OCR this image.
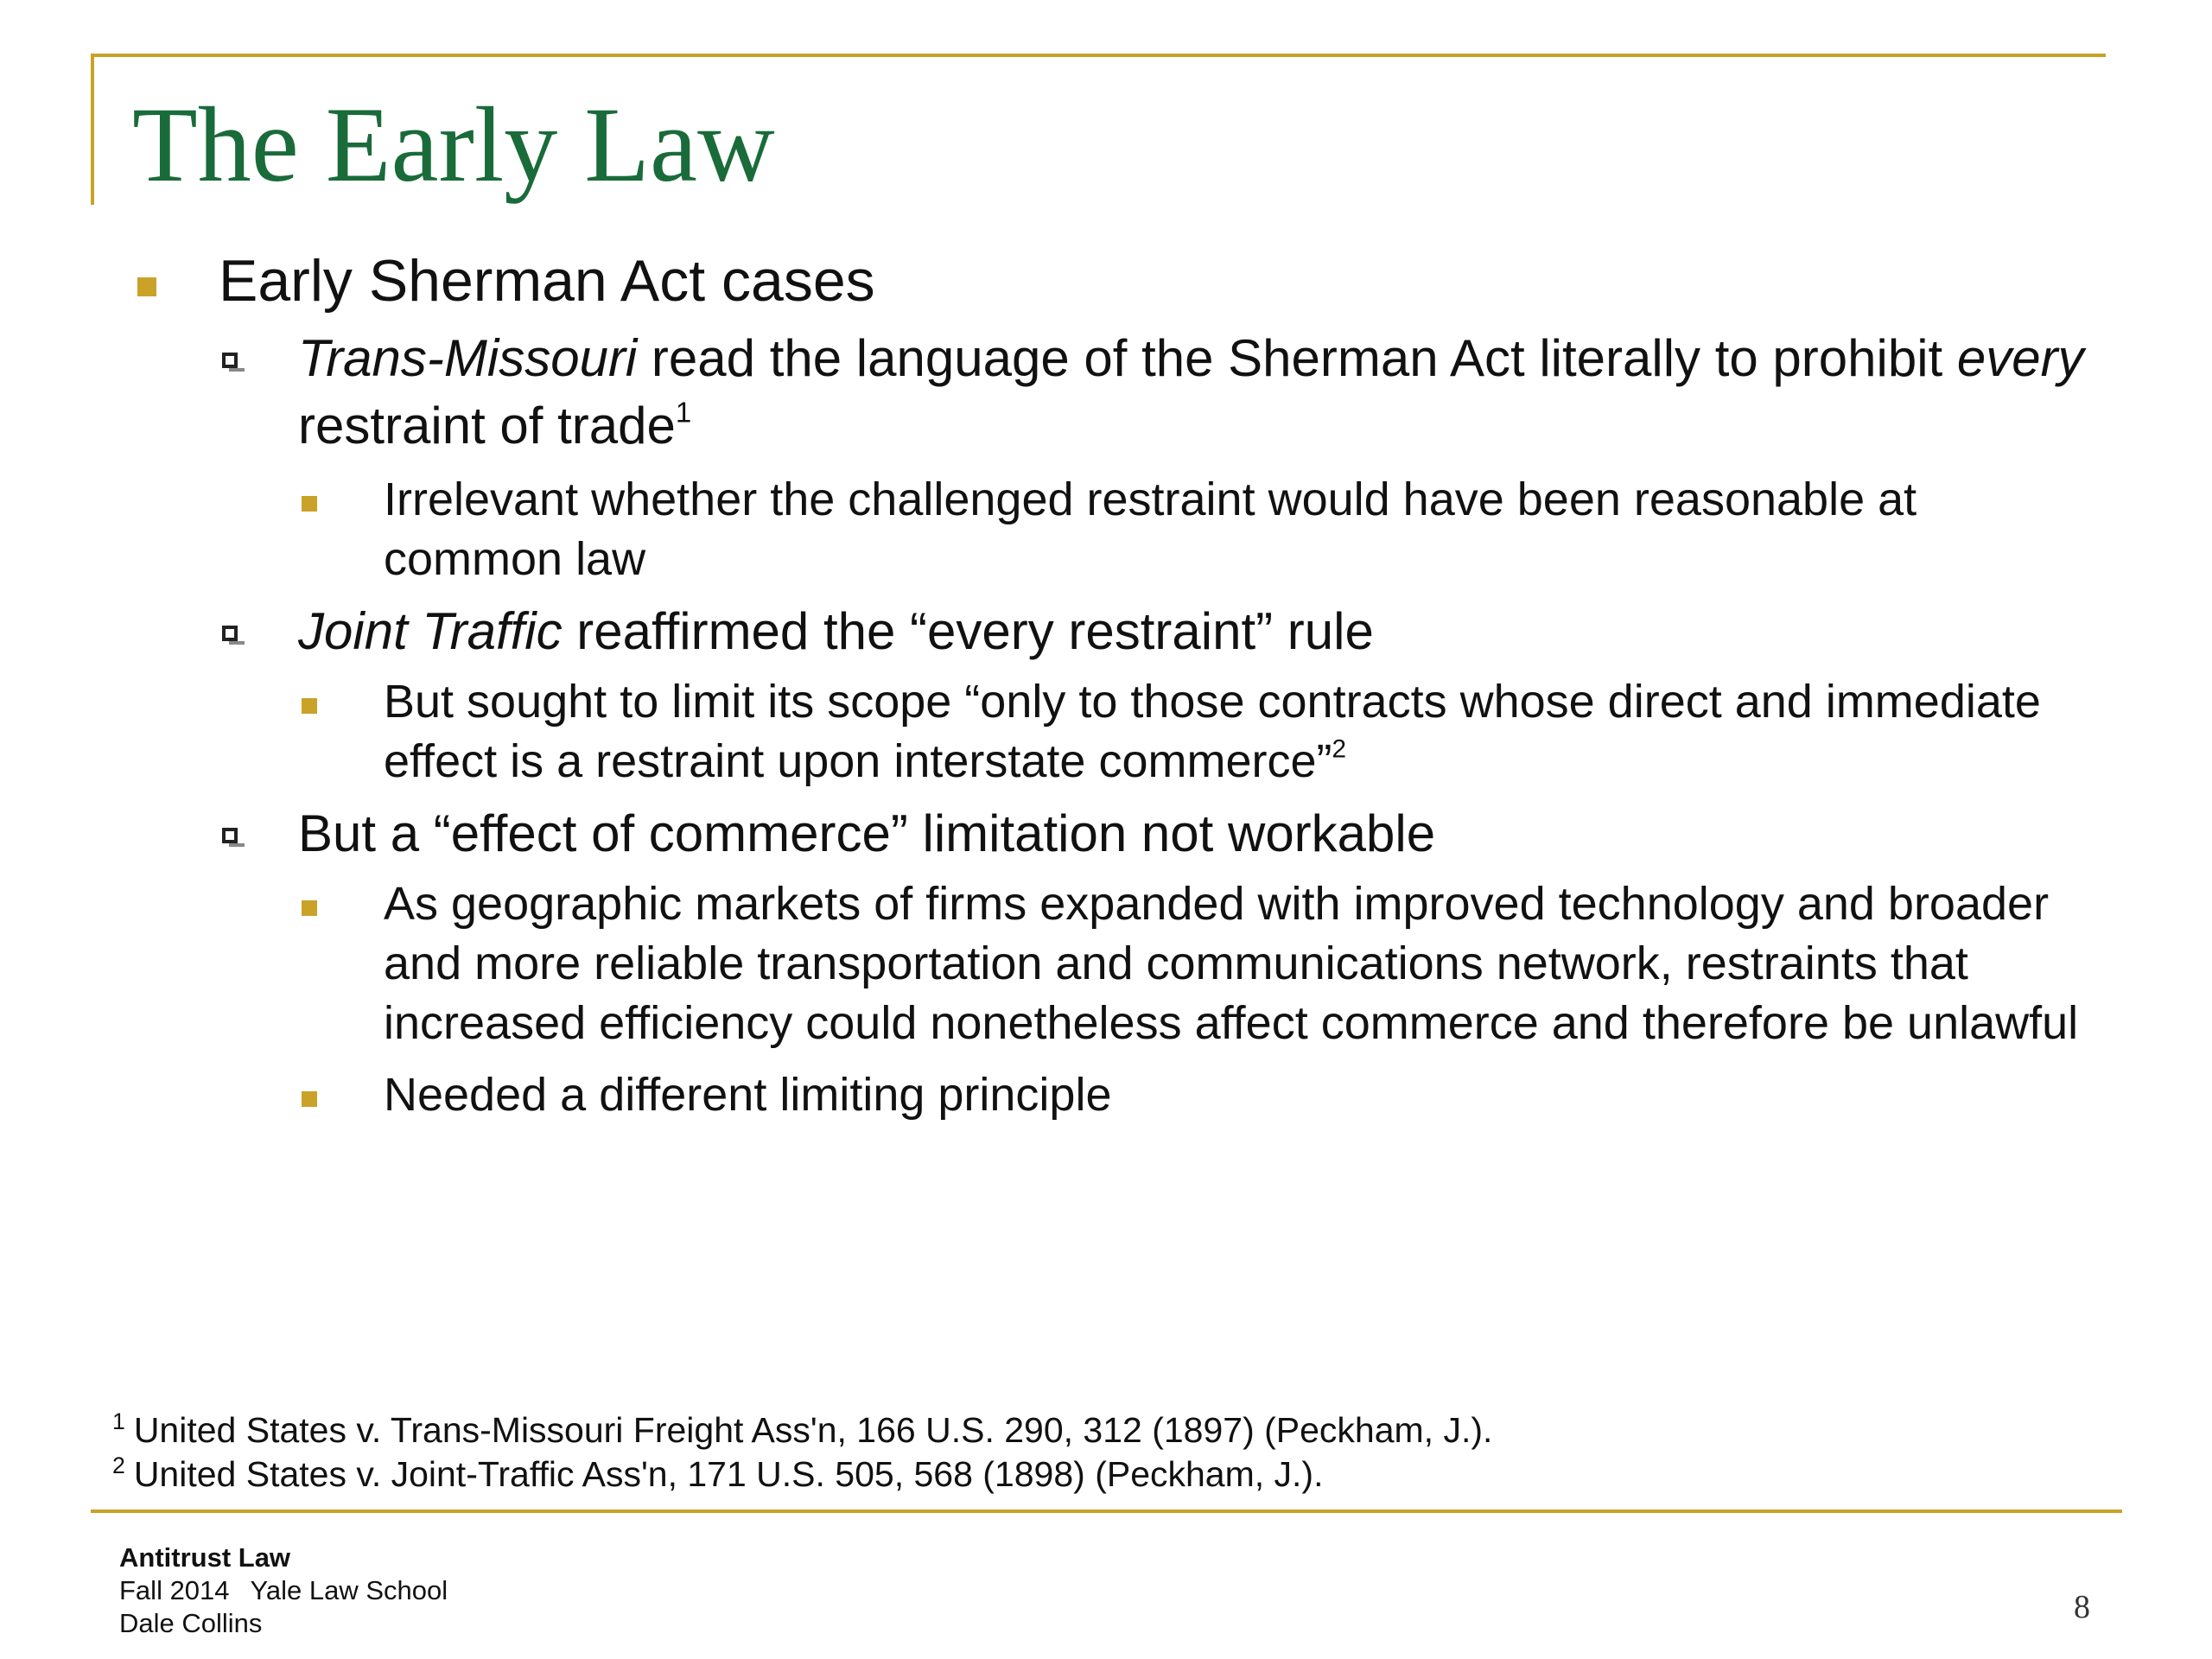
The Early Law
Early Sherman Act cases
Trans-Missouri read the language of the Sherman Act literally to prohibit every restraint of trade$^1$
Irrelevant whether the challenged restraint would have been reasonable at common law
Joint Traffic reaffirmed the “every restraint” rule
But sought to limit its scope “only to those contracts whose direct and immediate effect is a restraint upon interstate commerce”$^2$
But a “effect of commerce” limitation not workable
As geographic markets of firms expanded with improved technology and broader and more reliable transportation and communications network, restraints that increased efficiency could nonetheless affect commerce and therefore be unlawful
Needed a different limiting principle
$^1$ United States v. Trans-Missouri Freight Ass'n, 166 U.S. 290, 312 (1897) (Peckham, J.).
$^2$ United States v. Joint-Traffic Ass'n, 171 U.S. 505, 568 (1898) (Peckham, J.).
Antitrust Law
Fall 2014 Yale Law School
Dale Collins	8
